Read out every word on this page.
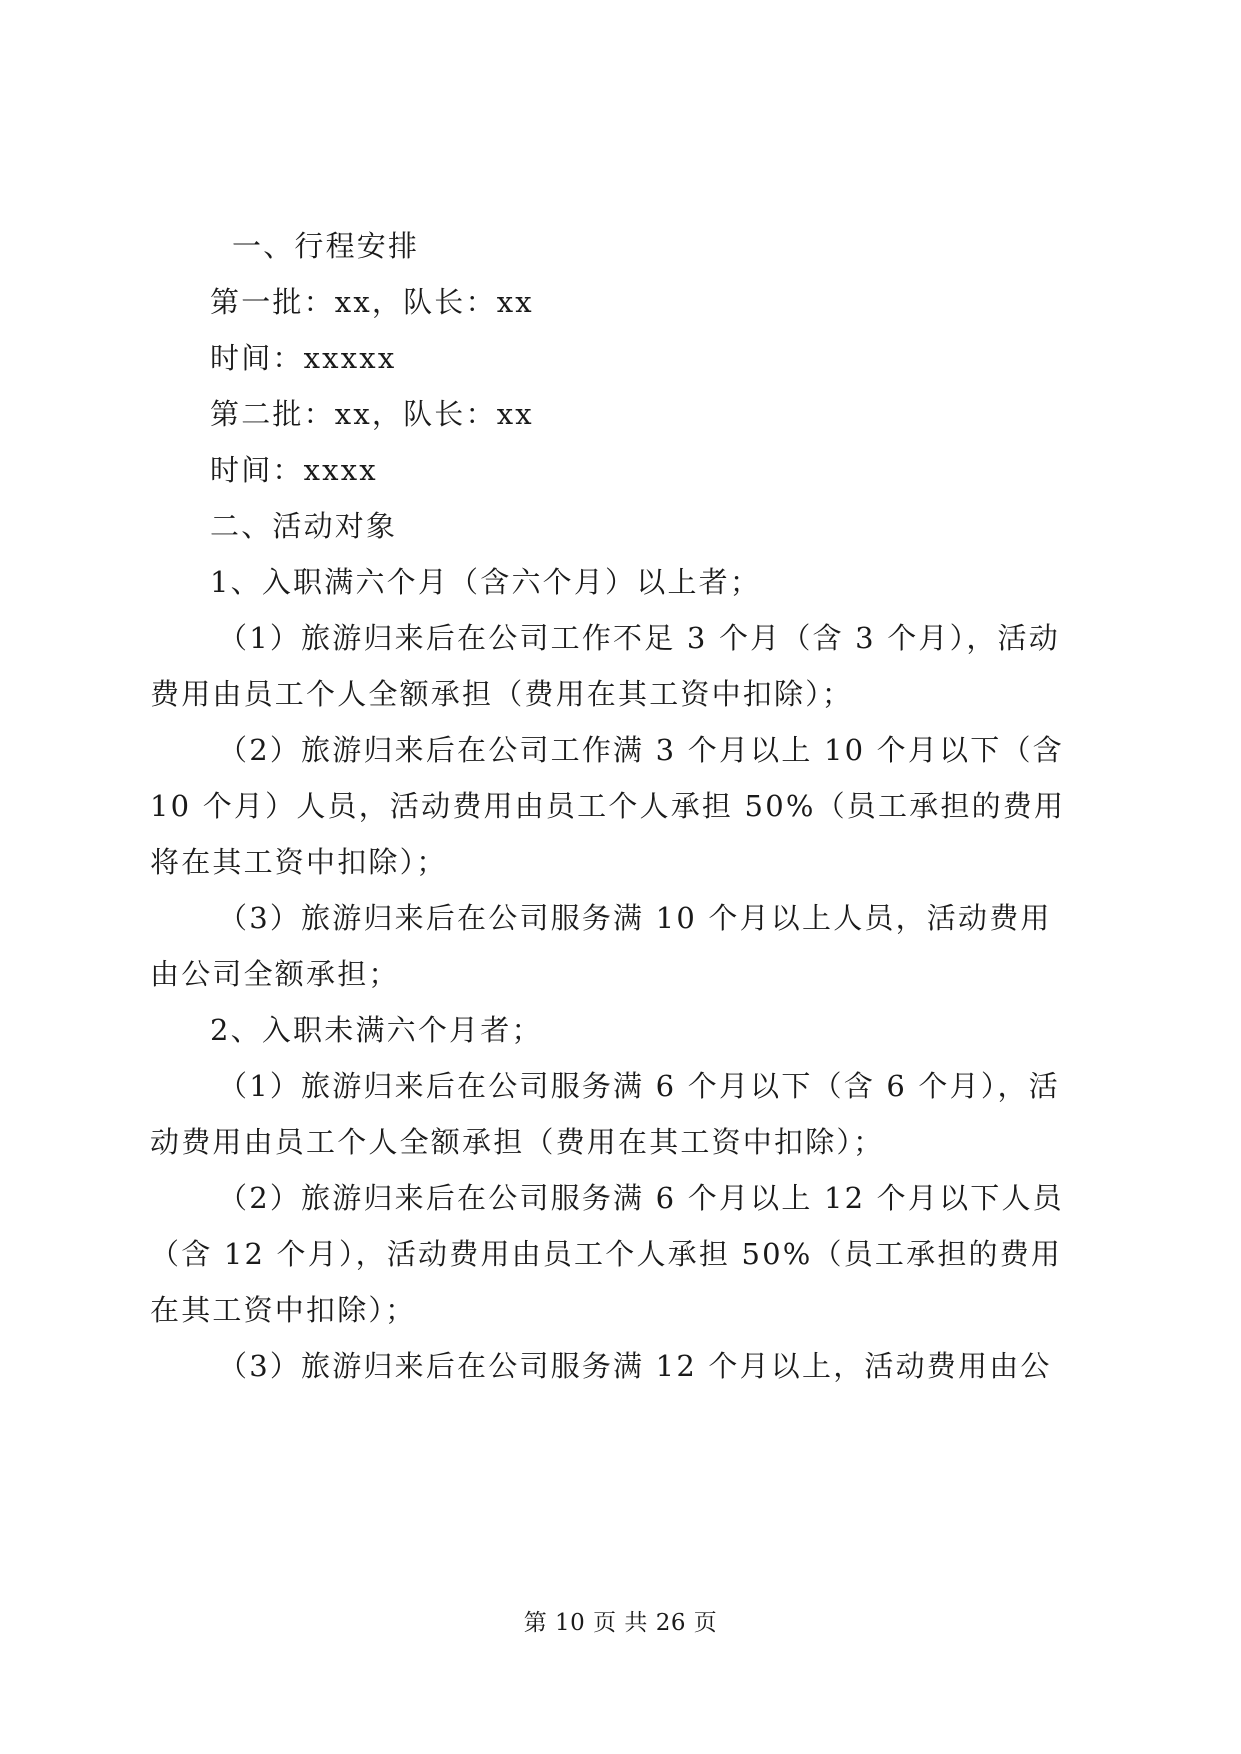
一、行程安排
第一批：xx，队长：xx
时间：xxxxx
第二批：xx，队长：xx
时间：xxxx
二、活动对象
1、入职满六个月（含六个月）以上者；
（1）旅游归来后在公司工作不足 3 个月（含 3 个月），活动
费用由员工个人全额承担（费用在其工资中扣除）；
（2）旅游归来后在公司工作满 3 个月以上 10 个月以下（含
10 个月）人员，活动费用由员工个人承担 50%（员工承担的费用
将在其工资中扣除）；
（3）旅游归来后在公司服务满 10 个月以上人员，活动费用
由公司全额承担；
2、入职未满六个月者；
（1）旅游归来后在公司服务满 6 个月以下（含 6 个月），活
动费用由员工个人全额承担（费用在其工资中扣除）；
（2）旅游归来后在公司服务满 6 个月以上 12 个月以下人员
（含 12 个月），活动费用由员工个人承担 50%（员工承担的费用
在其工资中扣除）；
（3）旅游归来后在公司服务满 12 个月以上，活动费用由公
第 10 页 共 26 页
